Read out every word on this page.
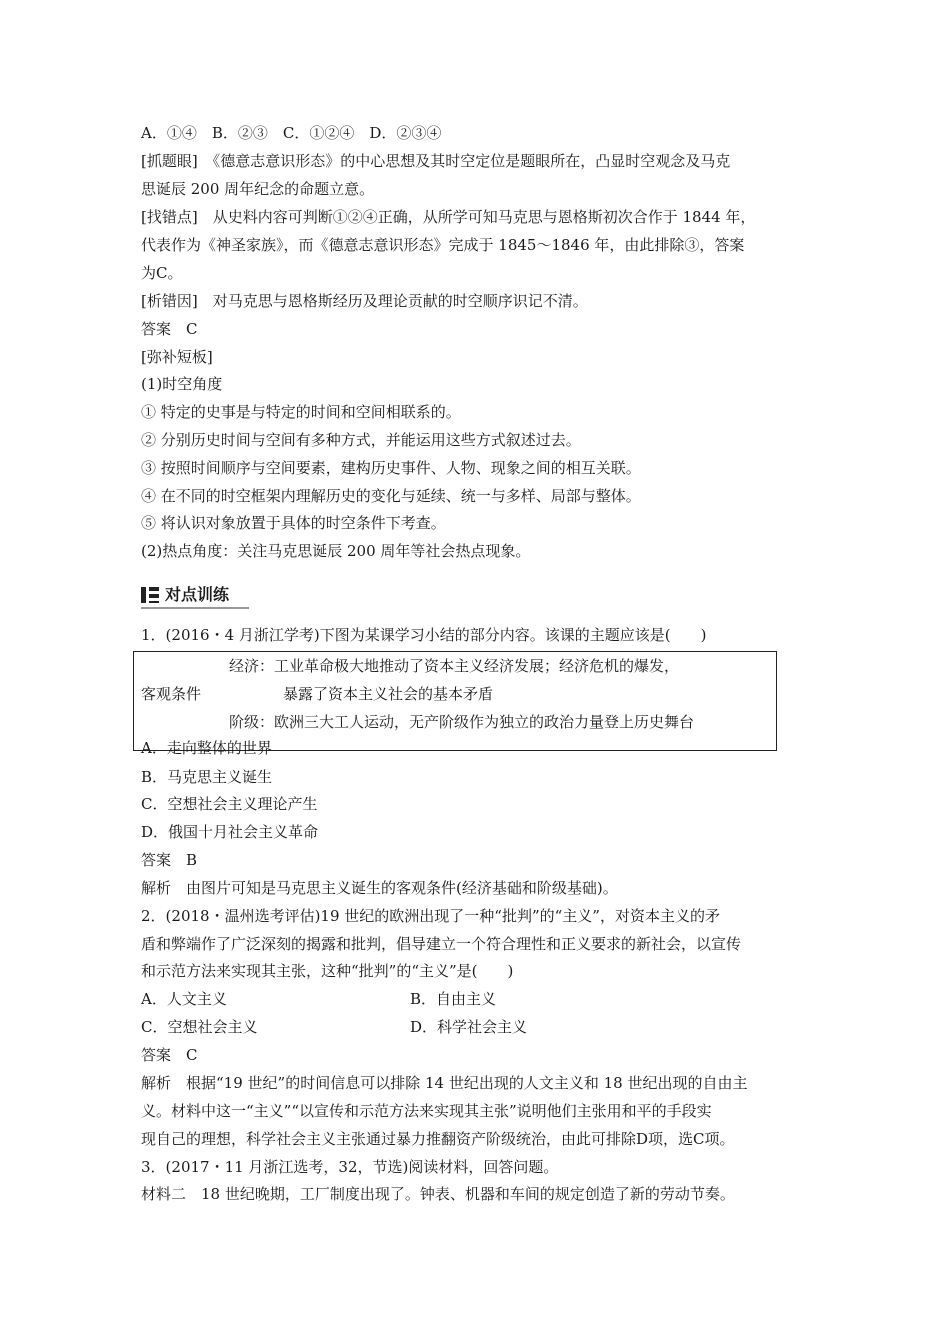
A．①④　B．②③　C．①②④　D．②③④
[抓题眼]　《德意志意识形态》的中心思想及其时空定位是题眼所在，凸显时空观念及马克
思诞辰 200 周年纪念的命题立意。
[找错点]　从史料内容可判断①②④正确，从所学可知马克思与恩格斯初次合作于 1844 年，
代表作为《神圣家族》，而《德意志意识形态》完成于 1845～1846 年，由此排除③，答案
为C。
[析错因]　对马克思与恩格斯经历及理论贡献的时空顺序识记不清。
答案　C
[弥补短板]
(1)时空角度
① 特定的史事是与特定的时间和空间相联系的。
② 分别历史时间与空间有多种方式，并能运用这些方式叙述过去。
③ 按照时间顺序与空间要素，建构历史事件、人物、现象之间的相互关联。
④ 在不同的时空框架内理解历史的变化与延续、统一与多样、局部与整体。
⑤ 将认识对象放置于具体的时空条件下考查。
(2)热点角度：关注马克思诞辰 200 周年等社会热点现象。
对点训练
1．(2016・4 月浙江学考)下图为某课学习小结的部分内容。该课的主题应该是(　　)
经济：工业革命极大地推动了资本主义经济发展；经济危机的爆发，
客观条件	暴露了资本主义社会的基本矛盾
阶级：欧洲三大工人运动，无产阶级作为独立的政治力量登上历史舞台
A．走向整体的世界
B．马克思主义诞生
C．空想社会主义理论产生
D．俄国十月社会主义革命
答案　B
解析　由图片可知是马克思主义诞生的客观条件(经济基础和阶级基础)。
2．(2018・温州选考评估)19 世纪的欧洲出现了一种“批判”的“主义”，对资本主义的矛
盾和弊端作了广泛深刻的揭露和批判，倡导建立一个符合理性和正义要求的新社会，以宣传
和示范方法来实现其主张，这种“批判”的“主义”是(　　)
A．人文主义	B．自由主义
C．空想社会主义	D．科学社会主义
答案　C
解析　根据“19 世纪”的时间信息可以排除 14 世纪出现的人文主义和 18 世纪出现的自由主
义。材料中这一“主义”“以宣传和示范方法来实现其主张”说明他们主张用和平的手段实
现自己的理想，科学社会主义主张通过暴力推翻资产阶级统治，由此可排除D项，选C项。
3．(2017・11 月浙江选考，32，节选)阅读材料，回答问题。
材料二　18 世纪晚期，工厂制度出现了。钟表、机器和车间的规定创造了新的劳动节奏。
